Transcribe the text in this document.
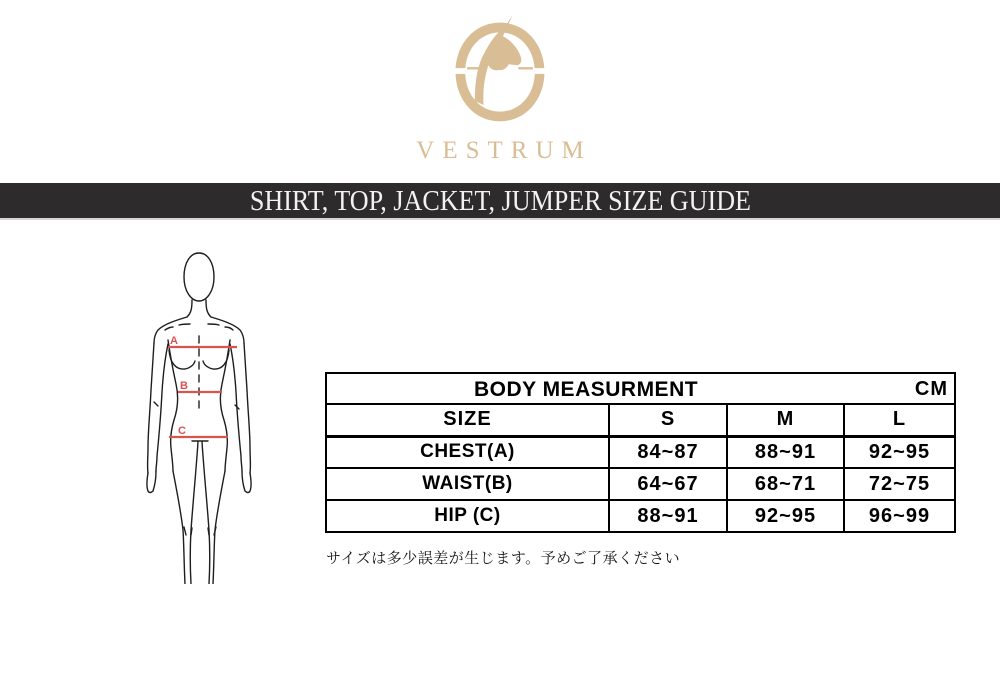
VESTRUM
SHIRT, TOP, JACKET, JUMPER SIZE GUIDE
A
B
C
BODY MEASURMENT CM			

SIZE	S	M	L
CHEST(A)	84~87	88~91	92~95
WAIST(B)	64~67	68~71	72~75
HIP (C)	88~91	92~95	96~99

サイズは多少誤差が生じます。予めご了承ください
